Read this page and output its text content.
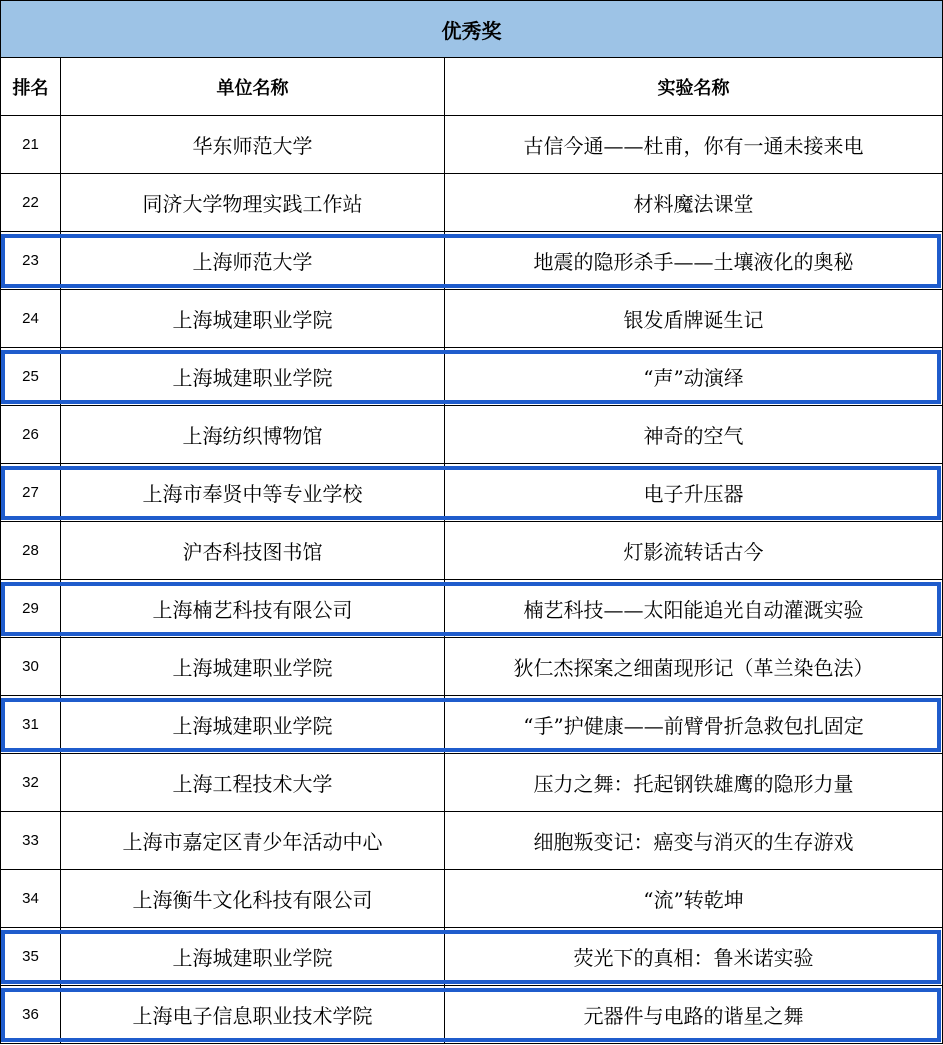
优秀奖
排名	单位名称	实验名称
21	华东师范大学	古信今通——杜甫，你有一通未接来电
22	同济大学物理实践工作站	材料魔法课堂
23	上海师范大学	地震的隐形杀手——土壤液化的奥秘
24	上海城建职业学院	银发盾牌诞生记
25	上海城建职业学院	“声”动演绎
26	上海纺织博物馆	神奇的空气
27	上海市奉贤中等专业学校	电子升压器
28	沪杏科技图书馆	灯影流转话古今
29	上海楠艺科技有限公司	楠艺科技——太阳能追光自动灌溉实验
30	上海城建职业学院	狄仁杰探案之细菌现形记（革兰染色法）
31	上海城建职业学院	“手”护健康——前臂骨折急救包扎固定
32	上海工程技术大学	压力之舞：托起钢铁雄鹰的隐形力量
33	上海市嘉定区青少年活动中心	细胞叛变记：癌变与消灭的生存游戏
34	上海衡牛文化科技有限公司	“流”转乾坤
35	上海城建职业学院	荧光下的真相：鲁米诺实验
36	上海电子信息职业技术学院	元器件与电路的谐星之舞
